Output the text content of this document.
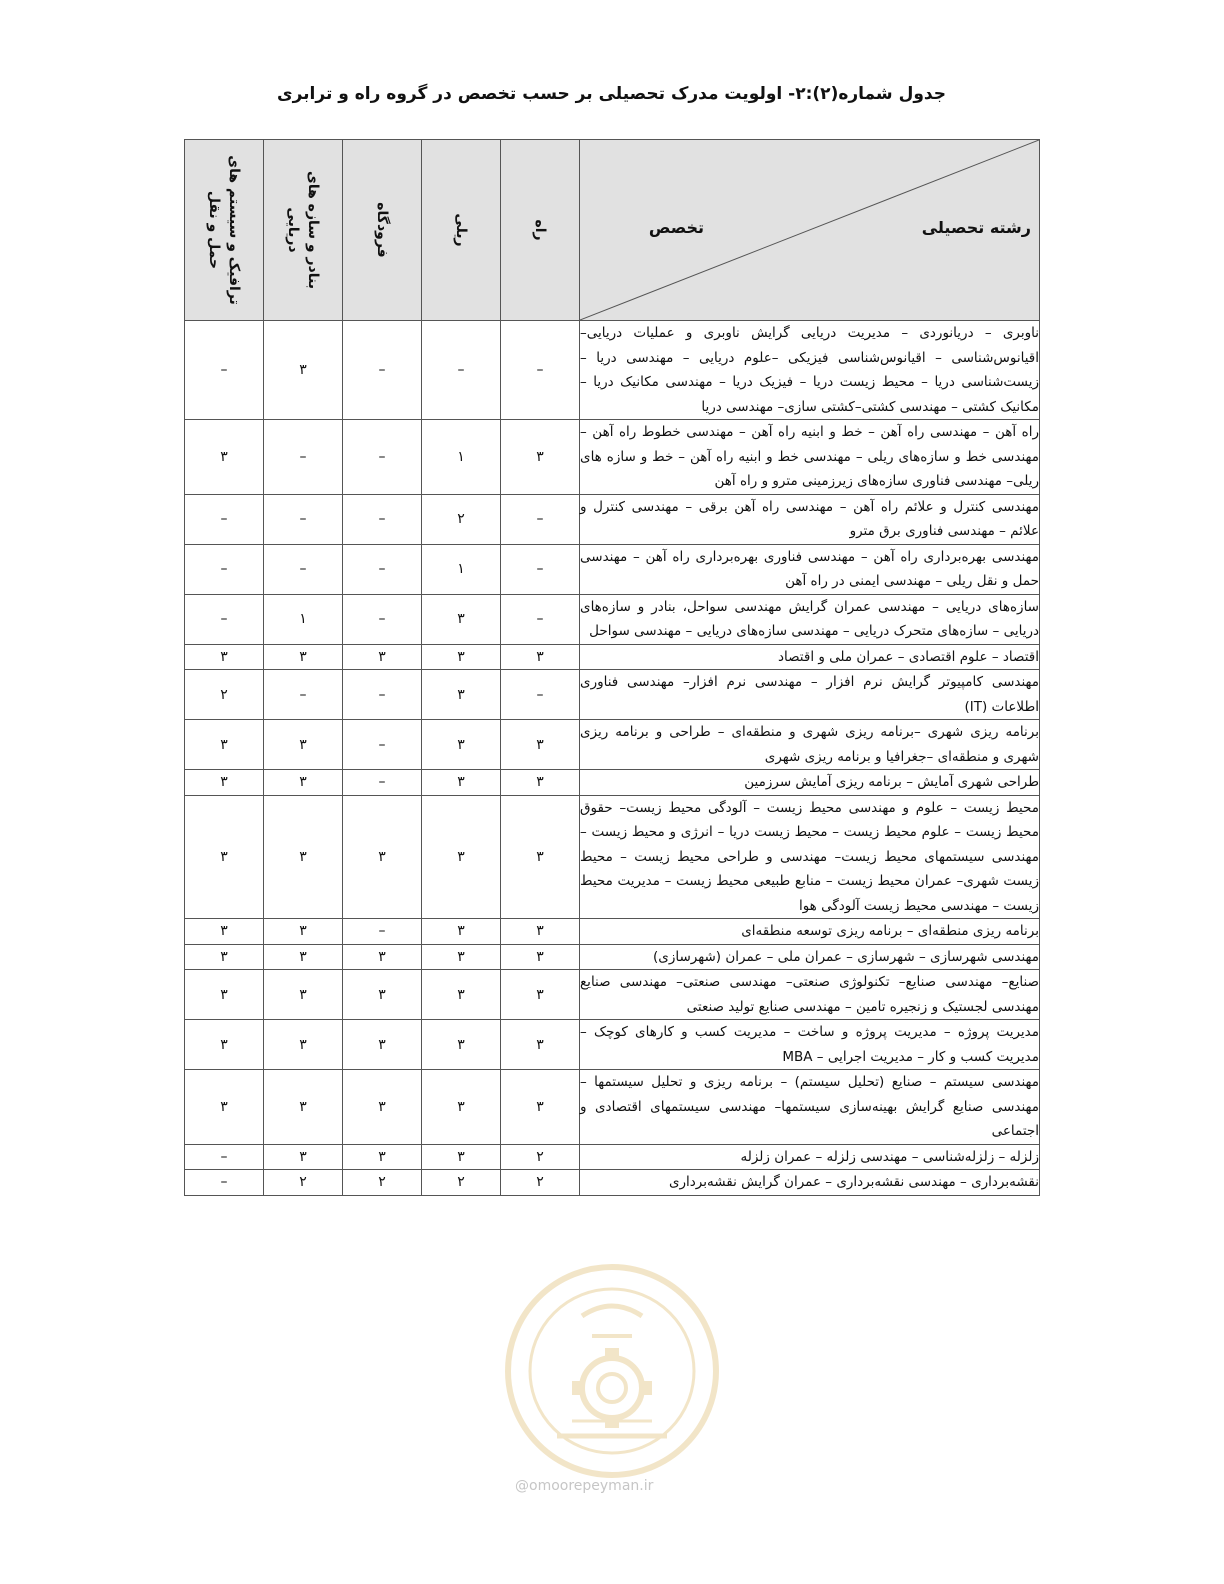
جدول شماره(۲):۲- اولویت مدرک تحصیلی بر حسب تخصص در گروه راه و ترابری
رشته تحصیلی
تخصص	راه	ریلی	فرودگاه	بنادر و سازه های دریایی	ترافیک و سیستم های حمل و نقل

ناوبری – دریانوردی – مدیریت دریایی گرایش ناوبری و عملیات دریایی– اقیانوس‌شناسی – اقیانوس‌شناسی فیزیکی –علوم دریایی – مهندسی دریا – زیست‌شناسی دریا – محیط زیست دریا – فیزیک دریا – مهندسی مکانیک دریا – مکانیک کشتی – مهندسی کشتی–کشتی سازی– مهندسی دریا	–	–	–	۳	–
راه آهن – مهندسی راه آهن – خط و ابنیه راه آهن – مهندسی خطوط راه آهن – مهندسی خط و سازه‌های ریلی – مهندسی خط و ابنیه راه آهن – خط و سازه های ریلی– مهندسی فناوری سازه‌های زیرزمینی مترو و راه آهن	۳	۱	–	–	۳
مهندسی کنترل و علائم راه آهن – مهندسی راه آهن برقی – مهندسی کنترل و علائم – مهندسی فناوری برق مترو	–	۲	–	–	–
مهندسی بهره‌برداری راه آهن – مهندسی فناوری بهره‌برداری راه آهن – مهندسی حمل و نقل ریلی – مهندسی ایمنی در راه آهن	–	۱	–	–	–
سازه‌های دریایی – مهندسی عمران گرایش مهندسی سواحل، بنادر و سازه‌های دریایی – سازه‌های متحرک دریایی – مهندسی سازه‌های دریایی – مهندسی سواحل	–	۳	–	۱	–
اقتصاد – علوم اقتصادی – عمران ملی و اقتصاد	۳	۳	۳	۳	۳
مهندسی کامپیوتر گرایش نرم افزار – مهندسی نرم افزار– مهندسی فناوری اطلاعات (IT)	–	۳	–	–	۲
برنامه ریزی شهری –برنامه ریزی شهری و منطقه‌ای – طراحی و برنامه ریزی شهری و منطقه‌ای –جغرافیا و برنامه ریزی شهری	۳	۳	–	۳	۳
طراحی شهری آمایش – برنامه ریزی آمایش سرزمین	۳	۳	–	۳	۳
محیط زیست – علوم و مهندسی محیط زیست – آلودگی محیط زیست– حقوق محیط زیست – علوم محیط زیست – محیط زیست دریا – انرژی و محیط زیست – مهندسی سیستمهای محیط زیست– مهندسی و طراحی محیط زیست – محیط زیست شهری– عمران محیط زیست – منابع طبیعی محیط زیست – مدیریت محیط زیست – مهندسی محیط زیست آلودگی هوا	۳	۳	۳	۳	۳
برنامه ریزی منطقه‌ای – برنامه ریزی توسعه منطقه‌ای	۳	۳	–	۳	۳
مهندسی شهرسازی – شهرسازی – عمران ملی – عمران (شهرسازی)	۳	۳	۳	۳	۳
صنایع– مهندسی صنایع– تکنولوژی صنعتی– مهندسی صنعتی– مهندسی صنایع مهندسی لجستیک و زنجیره تامین – مهندسی صنایع تولید صنعتی	۳	۳	۳	۳	۳
مدیریت پروژه – مدیریت پروژه و ساخت – مدیریت کسب و کارهای کوچک – مدیریت کسب و کار – مدیریت اجرایی – MBA	۳	۳	۳	۳	۳
مهندسی سیستم – صنایع (تحلیل سیستم) – برنامه ریزی و تحلیل سیستمها – مهندسی صنایع گرایش بهینه‌سازی سیستمها– مهندسی سیستمهای اقتصادی و اجتماعی	۳	۳	۳	۳	۳
زلزله – زلزله‌شناسی – مهندسی زلزله – عمران زلزله	۲	۳	۳	۳	–
نقشه‌برداری – مهندسی نقشه‌برداری – عمران گرایش نقشه‌برداری	۲	۲	۲	۲	–
@omoorepeyman.ir
